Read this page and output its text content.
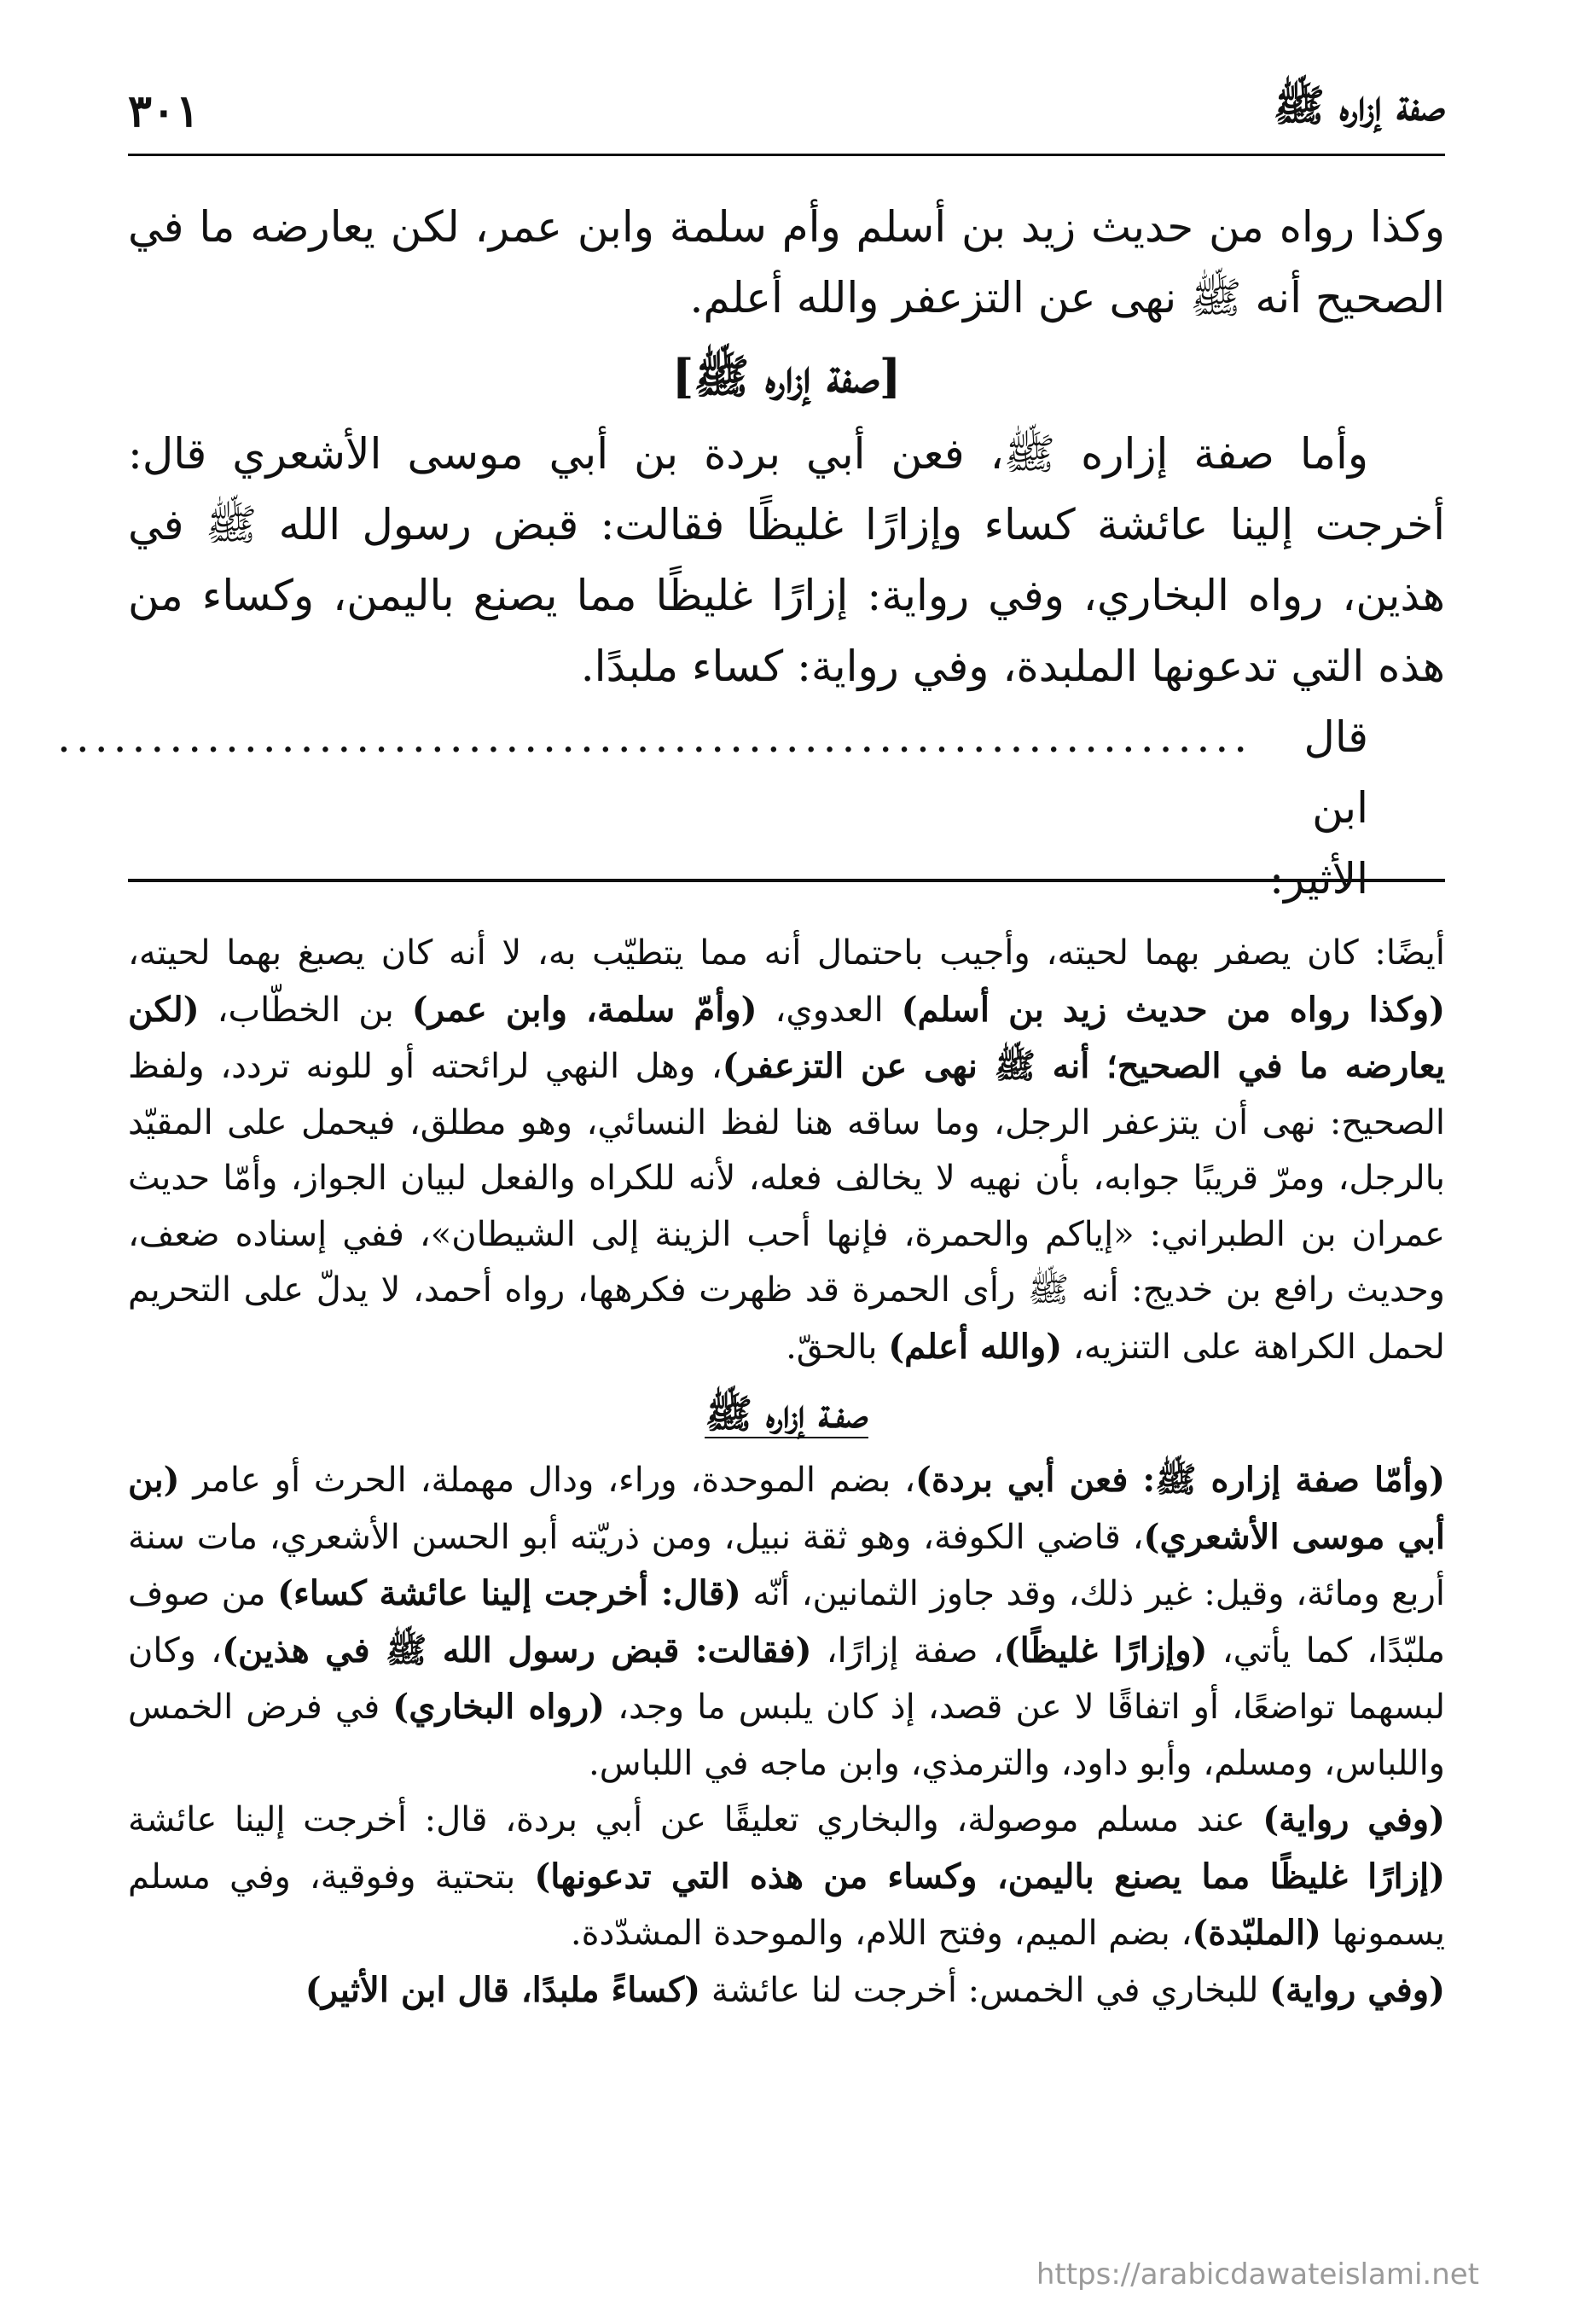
٣٠١	صفة إزاره ﷺ

وكذا رواه من حديث زيد بن أسلم وأم سلمة وابن عمر، لكن يعارضه ما في الصحيح أنه ﷺ نهى عن التزعفر والله أعلم.

[صفة إزاره ﷺ]

وأما صفة إزاره ﷺ، فعن أبي بردة بن أبي موسى الأشعري قال: أخرجت إلينا عائشة كساء وإزارًا غليظًا فقالت: قبض رسول الله ﷺ في هذين، رواه البخاري، وفي رواية: إزارًا غليظًا مما يصنع باليمن، وكساء من هذه التي تدعونها الملبدة، وفي رواية: كساء ملبدًا.

قال ابن الأثير:
................................................................

أيضًا: كان يصفر بهما لحيته، وأجيب باحتمال أنه مما يتطيّب به، لا أنه كان يصبغ بهما لحيته، (وكذا رواه من حديث زيد بن أسلم) العدوي، (وأمّ سلمة، وابن عمر) بن الخطّاب، (لكن يعارضه ما في الصحيح؛ أنه ﷺ نهى عن التزعفر)، وهل النهي لرائحته أو للونه تردد، ولفظ الصحيح: نهى أن يتزعفر الرجل، وما ساقه هنا لفظ النسائي، وهو مطلق، فيحمل على المقيّد بالرجل، ومرّ قريبًا جوابه، بأن نهيه لا يخالف فعله، لأنه للكراه والفعل لبيان الجواز، وأمّا حديث عمران بن الطبراني: «إياكم والحمرة، فإنها أحب الزينة إلى الشيطان»، ففي إسناده ضعف، وحديث رافع بن خديج: أنه ﷺ رأى الحمرة قد ظهرت فكرهها، رواه أحمد، لا يدلّ على التحريم لحمل الكراهة على التنزيه، (والله أعلم) بالحقّ.

صفـة إزاره ﷺ

(وأمّا صفة إزاره ﷺ: فعن أبي بردة)، بضم الموحدة، وراء، ودال مهملة، الحرث أو عامر (بن أبي موسى الأشعري)، قاضي الكوفة، وهو ثقة نبيل، ومن ذريّته أبو الحسن الأشعري، مات سنة أربع ومائة، وقيل: غير ذلك، وقد جاوز الثمانين، أنّه (قال: أخرجت إلينا عائشة كساء) من صوف ملبّدًا، كما يأتي، (وإزارًا غليظًا)، صفة إزارًا، (فقالت: قبض رسول الله ﷺ في هذين)، وكان لبسهما تواضعًا، أو اتفاقًا لا عن قصد، إذ كان يلبس ما وجد، (رواه البخاري) في فرض الخمس واللباس، ومسلم، وأبو داود، والترمذي، وابن ماجه في اللباس.

(وفي رواية) عند مسلم موصولة، والبخاري تعليقًا عن أبي بردة، قال: أخرجت إلينا عائشة (إزارًا غليظًا مما يصنع باليمن، وكساء من هذه التي تدعونها) بتحتية وفوقية، وفي مسلم يسمونها (الملبّدة)، بضم الميم، وفتح اللام، والموحدة المشدّدة.

(وفي رواية) للبخاري في الخمس: أخرجت لنا عائشة (كساءً ملبدًا، قال ابن الأثير)

https://arabicdawateislami.net
